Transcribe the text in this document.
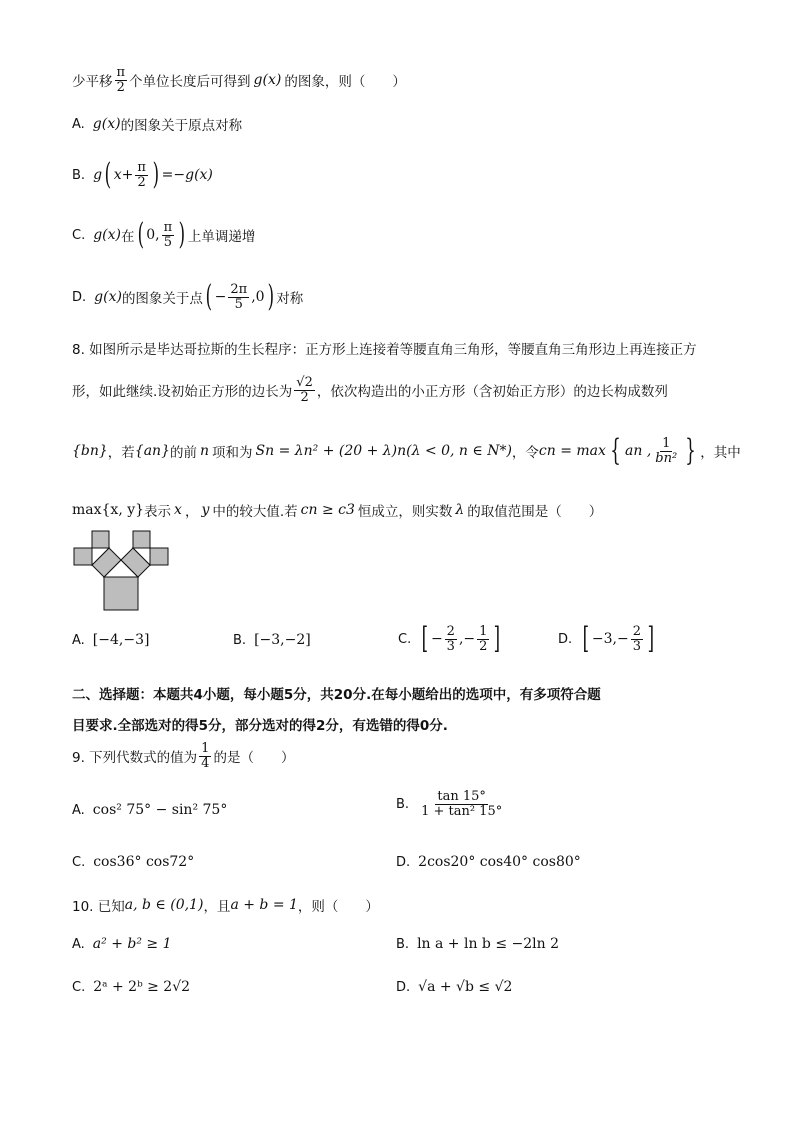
少平移 $\frac{\pi}{2}$ 个单位长度后可得到 g(x) 的图象，则（　　）
A. g(x) 的图象关于原点对称
B. g ( $x+ \frac{\pi}{2}$ ) =−g(x)
C. g(x) 在 ( 0, $\frac{\pi}{5}$ ) 上单调递增
D. g(x) 的图象关于点 ( − $\frac{2\pi}{5} ,0$ ) 对称
8. 如图所示是毕达哥拉斯的生长程序：正方形上连接着等腰直角三角形，等腰直角三角形边上再连接正方
形，如此继续.设初始正方形的边长为 $\frac{√2}{2}$ ，依次构造出的小正方形（含初始正方形）的边长构成数列
{bn} ，若 {an} 的前 n 项和为 Sn = λn² + (20 + λ)n (λ < 0, n ∈ N*) ，令 cn = max { an , $\frac{1}{\text{bn²}}$ } ，其中
max{x, y} 表示 x ， y 中的较大值.若 cn ≥ c3 恒成立，则实数 λ 的取值范围是（　　）
A. [−4,−3]	B. [−3,−2]	C. [ − $\frac{2}{3}$ ,− $\frac{1}{2}$ ]	D. [ $-3,- \frac{2}{3}$ ]
二、选择题：本题共4小题，每小题5分，共20分.在每小题给出的选项中，有多项符合题
目要求.全部选对的得5分，部分选对的得2分，有选错的得0分.
9. 下列代数式的值为 $\frac{1}{4}$ 的是（　　）
A. cos² 75° − sin² 75°	B. $\frac{\tan 15^\circ}{\text{1 + tan² 15°}}$
C. cos36° cos72°	D. 2cos20° cos40° cos80°
10. 已知 a, b ∈ (0,1) ，且 a + b = 1 ，则（　　）
A. a² + b² ≥ 1	B. ln a + ln b ≤ −2ln 2
C. 2ᵃ + 2ᵇ ≥ 2√2	D. √a + √b ≤ √2
